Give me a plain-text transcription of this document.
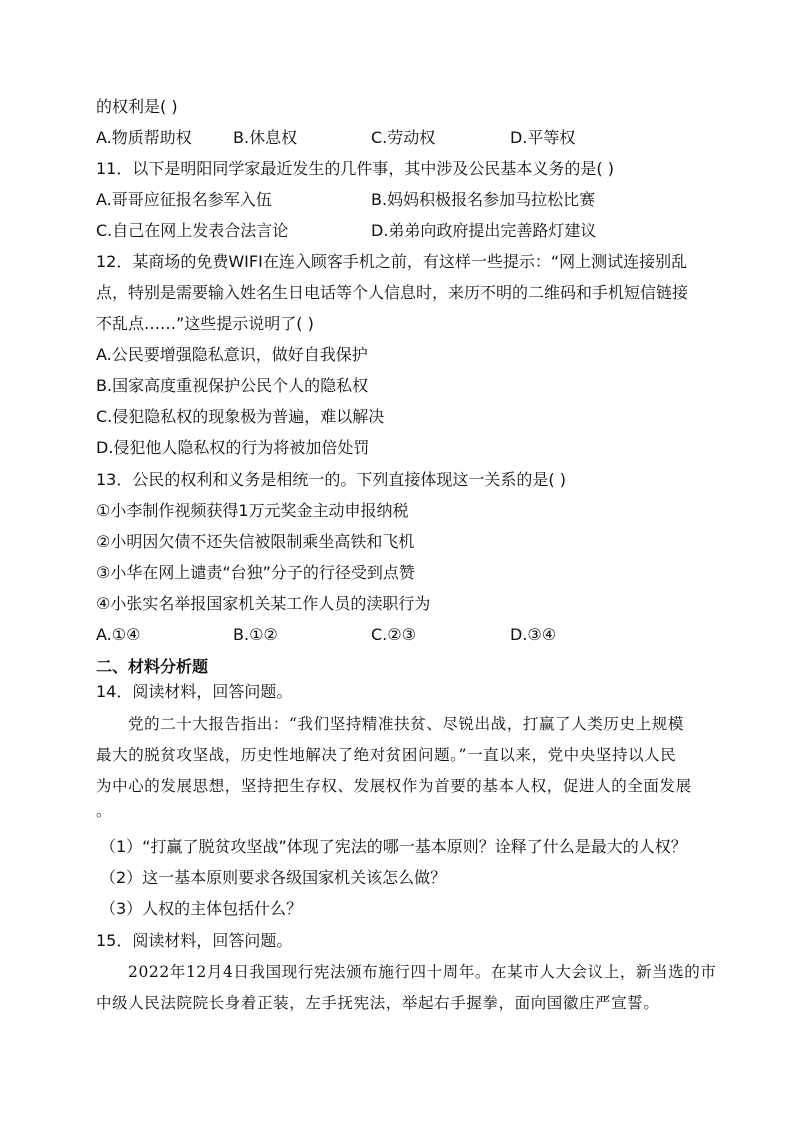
的权利是( )
A.物质帮助权	B.休息权	C.劳动权	D.平等权
11．以下是明阳同学家最近发生的几件事，其中涉及公民基本义务的是( )
A.哥哥应征报名参军入伍	B.妈妈积极报名参加马拉松比赛
C.自己在网上发表合法言论	D.弟弟向政府提出完善路灯建议
12．某商场的免费WIFI在连入顾客手机之前，有这样一些提示：“网上测试连接别乱
点，特别是需要输入姓名生日电话等个人信息时，来历不明的二维码和手机短信链接
不乱点……”这些提示说明了( )
A.公民要增强隐私意识，做好自我保护
B.国家高度重视保护公民个人的隐私权
C.侵犯隐私权的现象极为普遍，难以解决
D.侵犯他人隐私权的行为将被加倍处罚
13．公民的权利和义务是相统一的。下列直接体现这一关系的是( )
①小李制作视频获得1万元奖金主动申报纳税
②小明因欠债不还失信被限制乘坐高铁和飞机
③小华在网上谴责“台独”分子的行径受到点赞
④小张实名举报国家机关某工作人员的渎职行为
A.①④	B.①②	C.②③	D.③④
二、材料分析题
14．阅读材料，回答问题。
党的二十大报告指出：“我们坚持精准扶贫、尽锐出战，打赢了人类历史上规模
最大的脱贫攻坚战，历史性地解决了绝对贫困问题。”一直以来，党中央坚持以人民
为中心的发展思想，坚持把生存权、发展权作为首要的基本人权，促进人的全面发展
。
（1）“打赢了脱贫攻坚战”体现了宪法的哪一基本原则？诠释了什么是最大的人权？
（2）这一基本原则要求各级国家机关该怎么做？
（3）人权的主体包括什么？
15．阅读材料，回答问题。
2022年12月4日我国现行宪法颁布施行四十周年。在某市人大会议上，新当选的市
中级人民法院院长身着正装，左手抚宪法，举起右手握拳，面向国徽庄严宣誓。
